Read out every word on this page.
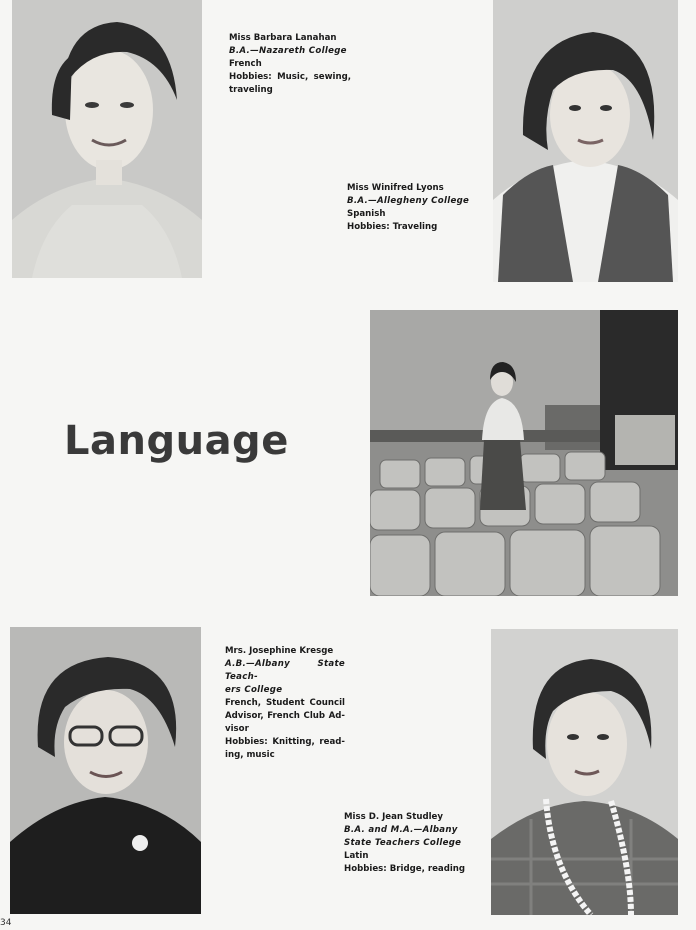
Miss Barbara Lanahan
B.A.—Nazareth College
French
Hobbies: Music, sewing,
traveling
Miss Winifred Lyons
B.A.—Allegheny College
Spanish
Hobbies: Traveling
Language
Mrs. Josephine Kresge
A.B.—Albany State Teach-
ers College
French, Student Council
Advisor, French Club Ad-
visor
Hobbies: Knitting, read-
ing, music
Miss D. Jean Studley
B.A. and M.A.—Albany
State Teachers College
Latin
Hobbies: Bridge, reading
34
